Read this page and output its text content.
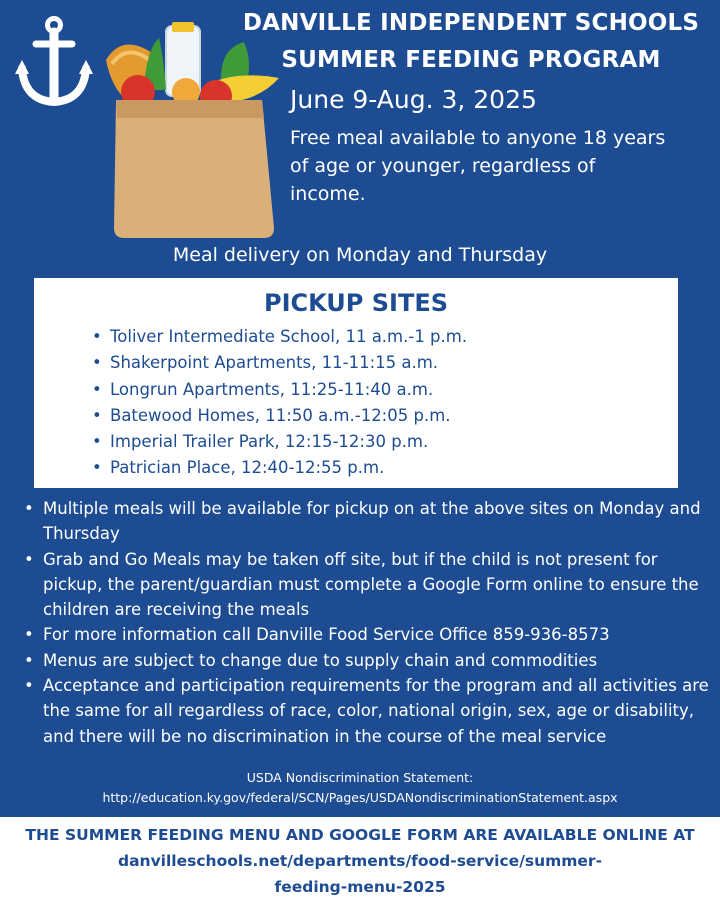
DANVILLE INDEPENDENT SCHOOLS
SUMMER FEEDING PROGRAM
June 9-Aug. 3, 2025
Free meal available to anyone 18 years
of age or younger, regardless of
income.
Meal delivery on Monday and Thursday
PICKUP SITES
• Toliver Intermediate School, 11 a.m.-1 p.m.
• Shakerpoint Apartments, 11-11:15 a.m.
• Longrun Apartments, 11:25-11:40 a.m.
• Batewood Homes, 11:50 a.m.-12:05 p.m.
• Imperial Trailer Park, 12:15-12:30 p.m.
• Patrician Place, 12:40-12:55 p.m.
• Multiple meals will be available for pickup on at the above sites on Monday and Thursday
• Grab and Go Meals may be taken off site, but if the child is not present for pickup, the parent/guardian must complete a Google Form online to ensure the children are receiving the meals
• For more information call Danville Food Service Office 859-936-8573
• Menus are subject to change due to supply chain and commodities
• Acceptance and participation requirements for the program and all activities are the same for all regardless of race, color, national origin, sex, age or disability, and there will be no discrimination in the course of the meal service
USDA Nondiscrimination Statement:
http://education.ky.gov/federal/SCN/Pages/USDANondiscriminationStatement.aspx
THE SUMMER FEEDING MENU AND GOOGLE FORM ARE AVAILABLE ONLINE AT
danvilleschools.net/departments/food-service/summer-
feeding-menu-2025
